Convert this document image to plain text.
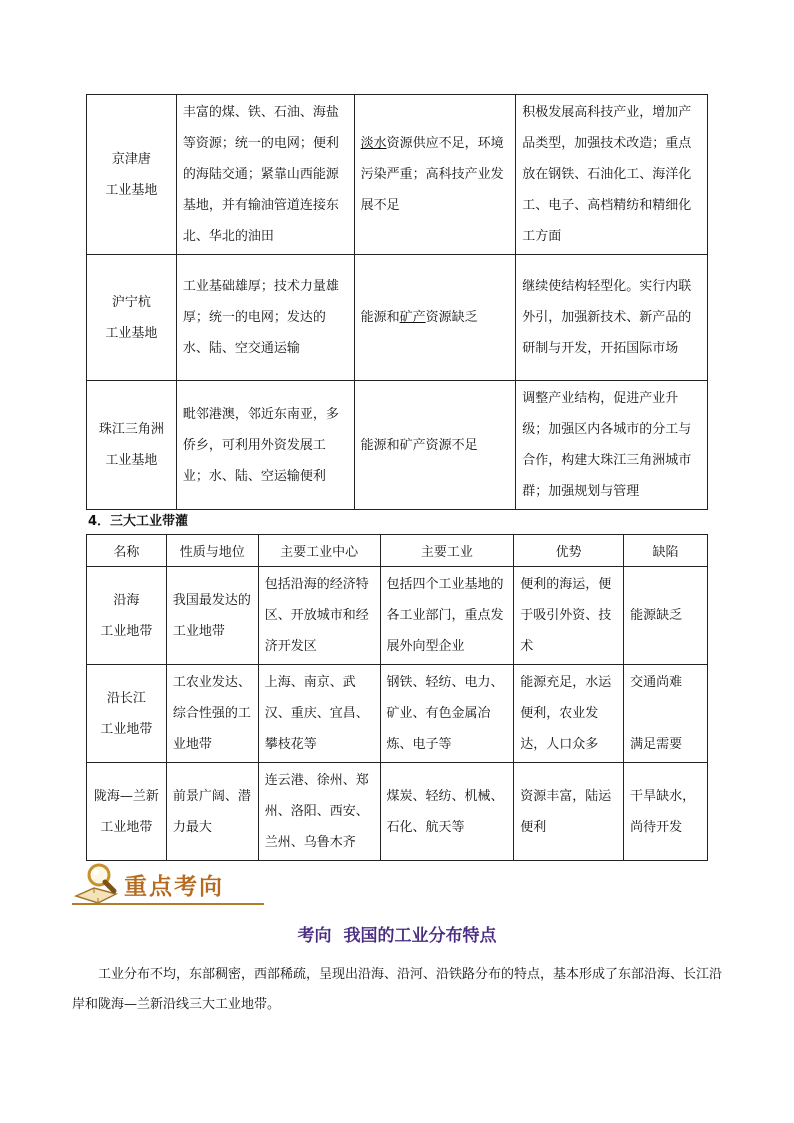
京津唐
工业基地	丰富的煤、铁、石油、海盐等资源；统一的电网；便利的海陆交通；紧靠山西能源基地，并有输油管道连接东北、华北的油田	淡水资源供应不足，环境污染严重；高科技产业发展不足	积极发展高科技产业，增加产品类型，加强技术改造；重点放在钢铁、石油化工、海洋化工、电子、高档精纺和精细化工方面
沪宁杭
工业基地	工业基础雄厚；技术力量雄厚；统一的电网；发达的水、陆、空交通运输	能源和矿产资源缺乏	继续使结构轻型化。实行内联外引，加强新技术、新产品的研制与开发，开拓国际市场
珠江三角洲
工业基地	毗邻港澳，邻近东南亚，多侨乡，可利用外资发展工业；水、陆、空运输便利	能源和矿产资源不足	调整产业结构，促进产业升级；加强区内各城市的分工与合作，构建大珠江三角洲城市群；加强规划与管理
4．三大工业带灌
名称	性质与地位	主要工业中心	主要工业	优势	缺陷
沿海
工业地带	我国最发达的工业地带	包括沿海的经济特区、开放城市和经济开发区	包括四个工业基地的各工业部门，重点发展外向型企业	便利的海运，便于吸引外资、技术	能源缺乏
沿长江
工业地带	工农业发达、综合性强的工业地带	上海、南京、武汉、重庆、宜昌、攀枝花等	钢铁、轻纺、电力、矿业、有色金属冶炼、电子等	能源充足，水运便利，农业发达，人口众多	交通尚难

满足需要
陇海—兰新
工业地带	前景广阔、潜力最大	连云港、徐州、郑州、洛阳、西安、兰州、乌鲁木齐	煤炭、轻纺、机械、石化、航天等	资源丰富，陆运便利	干旱缺水，尚待开发
重点考向
考向 我国的工业分布特点
工业分布不均，东部稠密，西部稀疏，呈现出沿海、沿河、沿铁路分布的特点，基本形成了东部沿海、长江沿岸和陇海—兰新沿线三大工业地带。
